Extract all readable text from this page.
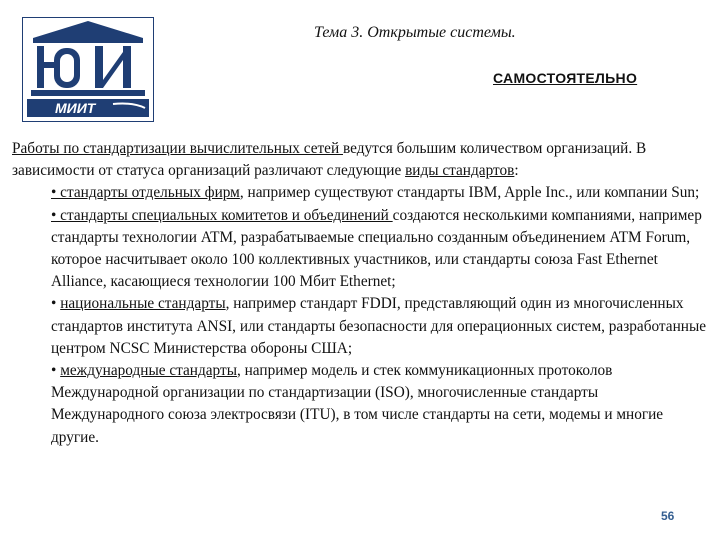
МИИТ
Тема 3. Открытые системы.
САМОСТОЯТЕЛЬНО

Работы по стандартизации вычислительных сетей ведутся большим количеством организаций. В зависимости от статуса организаций различают следующие виды стандартов:

• стандарты отдельных фирм, например существуют стандарты IBM, Apple Inc., или компании Sun;
• стандарты специальных комитетов и объединений создаются несколькими компаниями, например стандарты технологии ATM, разрабатываемые специально созданным объединением ATM Forum, которое насчитывает около 100 коллективных участников, или стандарты союза Fast Ethernet Alliance, касающиеся технологии 100 Мбит Ethernet;
• национальные стандарты, например стандарт FDDI, представляющий один из многочисленных стандартов института ANSI, или стандарты безопасности для операционных систем, разработанные центром NCSC Министерства обороны США;
• международные стандарты, например модель и стек коммуникационных протоколов Международной организации по стандартизации (ISO), многочисленные стандарты Международного союза электросвязи (ITU), в том числе стандарты на сети, модемы и многие другие.
56
